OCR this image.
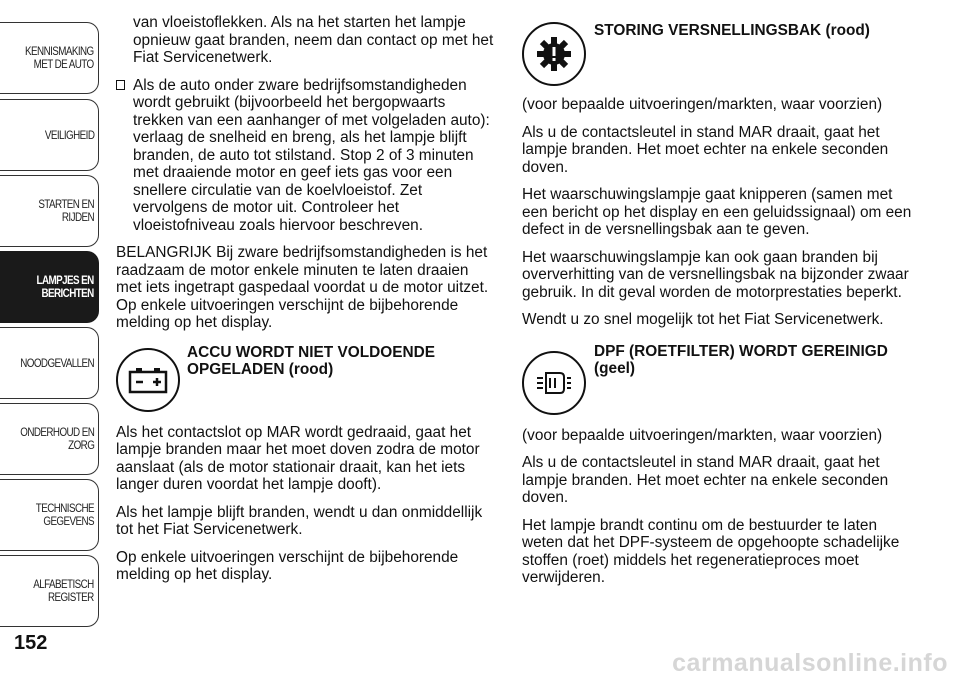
KENNISMAKING
MET DE AUTO
VEILIGHEID
STARTEN EN RIJDEN
LAMPJES EN
BERICHTEN
NOODGEVALLEN
ONDERHOUD EN
ZORG
TECHNISCHE
GEGEVENS
ALFABETISCH
REGISTER
152

van vloeistoflekken. Als na het starten het lampje opnieuw gaat branden, neem dan contact op met het Fiat Servicenetwerk.

Als de auto onder zware bedrijfsomstandigheden wordt gebruikt (bijvoorbeeld het bergopwaarts trekken van een aanhanger of met volgeladen auto): verlaag de snelheid en breng, als het lampje blijft branden, de auto tot stilstand. Stop 2 of 3 minuten met draaiende motor en geef iets gas voor een snellere circulatie van de koelvloeistof. Zet vervolgens de motor uit. Controleer het vloeistofniveau zoals hiervoor beschreven.

BELANGRIJK Bij zware bedrijfsomstandigheden is het raadzaam de motor enkele minuten te laten draaien met iets ingetrapt gaspedaal voordat u de motor uitzet. Op enkele uitvoeringen verschijnt de bijbehorende melding op het display.

ACCU WORDT NIET VOLDOENDE OPGELADEN (rood)

Als het contactslot op MAR wordt gedraaid, gaat het lampje branden maar het moet doven zodra de motor aanslaat (als de motor stationair draait, kan het iets langer duren voordat het lampje dooft).

Als het lampje blijft branden, wendt u dan onmiddellijk tot het Fiat Servicenetwerk.

Op enkele uitvoeringen verschijnt de bijbehorende melding op het display.

STORING VERSNELLINGSBAK (rood)

(voor bepaalde uitvoeringen/markten, waar voorzien)

Als u de contactsleutel in stand MAR draait, gaat het lampje branden. Het moet echter na enkele seconden doven.

Het waarschuwingslampje gaat knipperen (samen met een bericht op het display en een geluidssignaal) om een defect in de versnellingsbak aan te geven.

Het waarschuwingslampje kan ook gaan branden bij oververhitting van de versnellingsbak na bijzonder zwaar gebruik. In dit geval worden de motorprestaties beperkt.

Wendt u zo snel mogelijk tot het Fiat Servicenetwerk.

DPF (ROETFILTER) WORDT GEREINIGD (geel)

(voor bepaalde uitvoeringen/markten, waar voorzien)

Als u de contactsleutel in stand MAR draait, gaat het lampje branden. Het moet echter na enkele seconden doven.

Het lampje brandt continu om de bestuurder te laten weten dat het DPF-systeem de opgehoopte schadelijke stoffen (roet) middels het regeneratieproces moet verwijderen.

carmanualsonline.info
